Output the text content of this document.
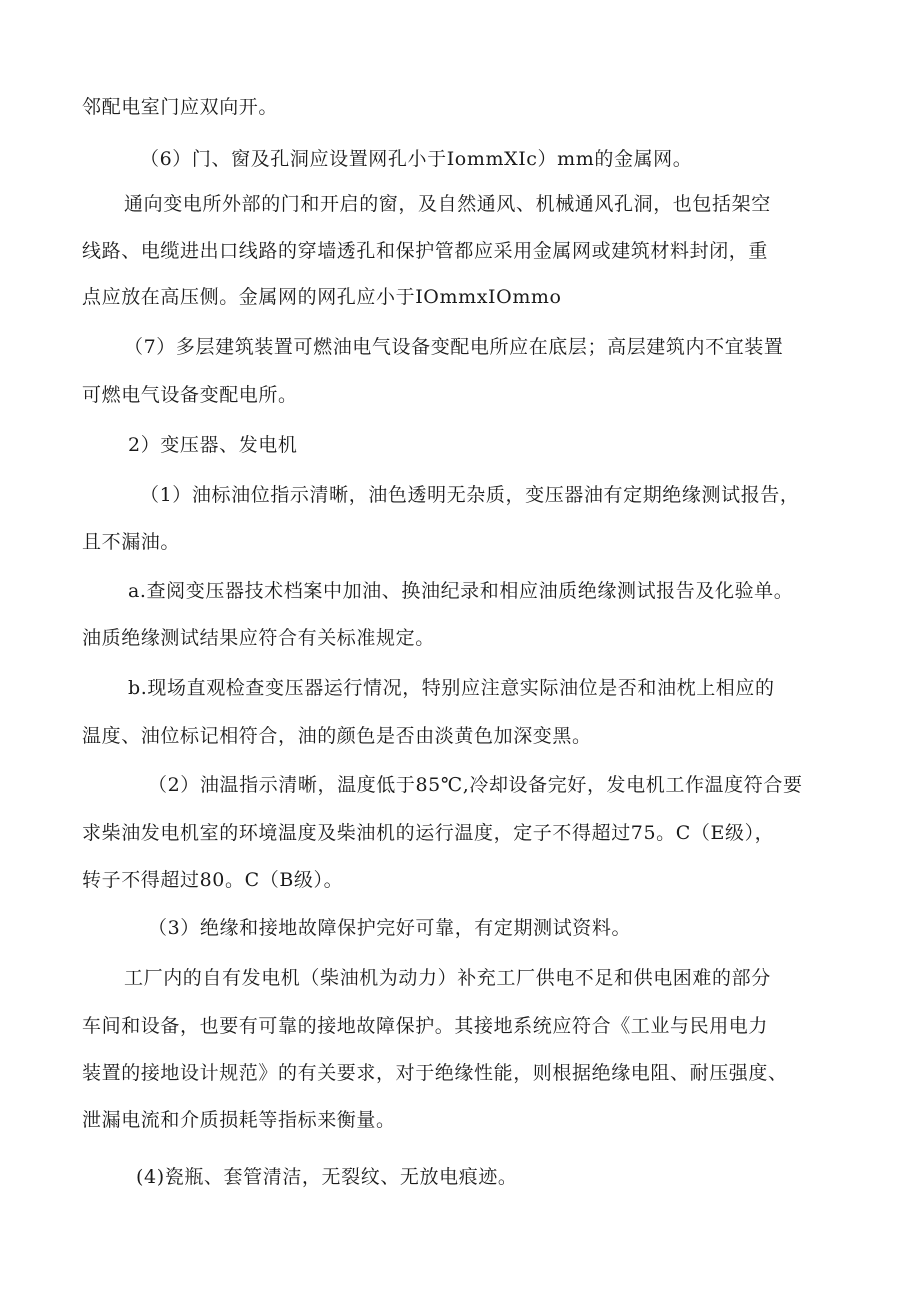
邻配电室门应双向开。
（6）门、窗及孔洞应设置网孔小于IommXIc）mm的金属网。
通向变电所外部的门和开启的窗，及自然通风、机械通风孔洞，也包括架空
线路、电缆进出口线路的穿墙透孔和保护管都应采用金属网或建筑材料封闭，重
点应放在高压侧。金属网的网孔应小于IOmmxIOmmo
（7）多层建筑装置可燃油电气设备变配电所应在底层；高层建筑内不宜装置
可燃电气设备变配电所。
2）变压器、发电机
（1）油标油位指示清晰，油色透明无杂质，变压器油有定期绝缘测试报告，
且不漏油。
a.查阅变压器技术档案中加油、换油纪录和相应油质绝缘测试报告及化验单。
油质绝缘测试结果应符合有关标准规定。
b.现场直观检查变压器运行情况，特别应注意实际油位是否和油枕上相应的
温度、油位标记相符合，油的颜色是否由淡黄色加深变黑。
（2）油温指示清晰，温度低于85℃,冷却设备完好，发电机工作温度符合要
求柴油发电机室的环境温度及柴油机的运行温度，定子不得超过75。C（E级），
转子不得超过80。C（B级）。
（3）绝缘和接地故障保护完好可靠，有定期测试资料。
工厂内的自有发电机（柴油机为动力）补充工厂供电不足和供电困难的部分
车间和设备，也要有可靠的接地故障保护。其接地系统应符合《工业与民用电力
装置的接地设计规范》的有关要求，对于绝缘性能，则根据绝缘电阻、耐压强度、
泄漏电流和介质损耗等指标来衡量。
(4)瓷瓶、套管清洁，无裂纹、无放电痕迹。
